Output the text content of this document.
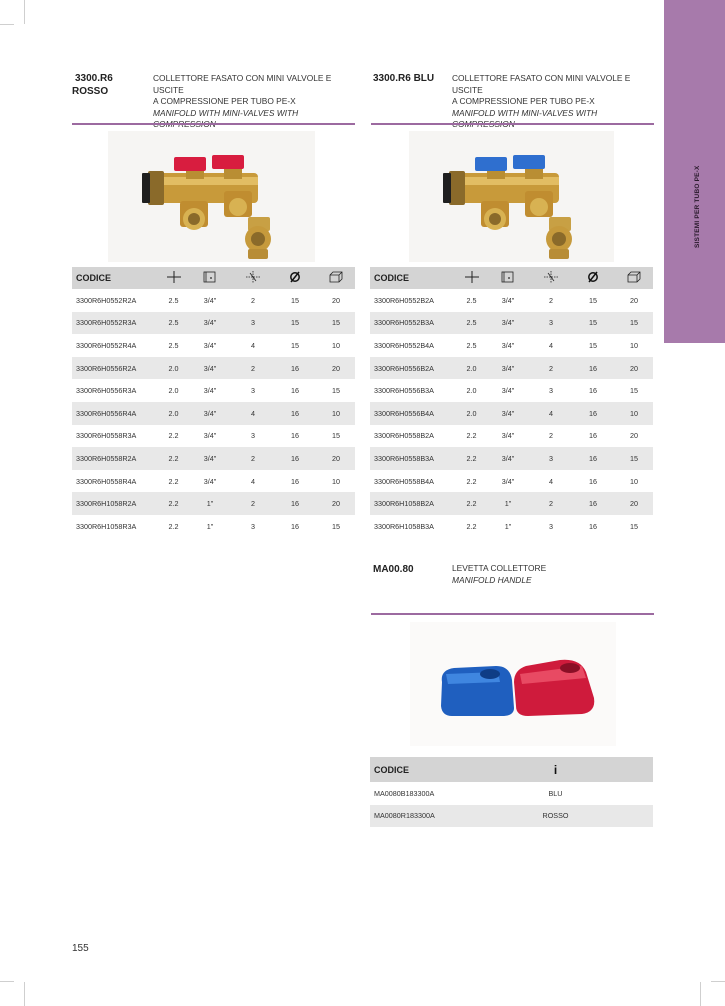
SISTEMI PER TUBO PE-X
3300.R6
ROSSO
COLLETTORE FASATO CON MINI VALVOLE E USCITE
A COMPRESSIONE PER TUBO PE-X
MANIFOLD WITH MINI-VALVES WITH
CODICE					
3300R6H0552R2A	2.5	3/4"	2	15	20
3300R6H0552R3A	2.5	3/4"	3	15	15
3300R6H0552R4A	2.5	3/4"	4	15	10
3300R6H0556R2A	2.0	3/4"	2	16	20
3300R6H0556R3A	2.0	3/4"	3	16	15
3300R6H0556R4A	2.0	3/4"	4	16	10
3300R6H0558R3A	2.2	3/4"	3	16	15
3300R6H0558R2A	2.2	3/4"	2	16	20
3300R6H0558R4A	2.2	3/4"	4	16	10
3300R6H1058R2A	2.2	1"	2	16	20
3300R6H1058R3A	2.2	1"	3	16	15
3300.R6 BLU COLLETTORE FASATO CON MINI VALVOLE E USCITE
A COMPRESSIONE PER TUBO PE-X
MANIFOLD WITH MINI-VALVES WITH
CODICE					
3300R6H0552B2A	2.5	3/4"	2	15	20
3300R6H0552B3A	2.5	3/4"	3	15	15
3300R6H0552B4A	2.5	3/4"	4	15	10
3300R6H0556B2A	2.0	3/4"	2	16	20
3300R6H0556B3A	2.0	3/4"	3	16	15
3300R6H0556B4A	2.0	3/4"	4	16	10
3300R6H0558B2A	2.2	3/4"	2	16	20
3300R6H0558B3A	2.2	3/4"	3	16	15
3300R6H0558B4A	2.2	3/4"	4	16	10
3300R6H1058B2A	2.2	1"	2	16	20
3300R6H1058B3A	2.2	1"	3	16	15
MA00.80	LEVETTA COLLETTORE
MANIFOLD HANDLE
CODICE	i
MA0080B183300A	BLU
MA0080R183300A	ROSSO
155
